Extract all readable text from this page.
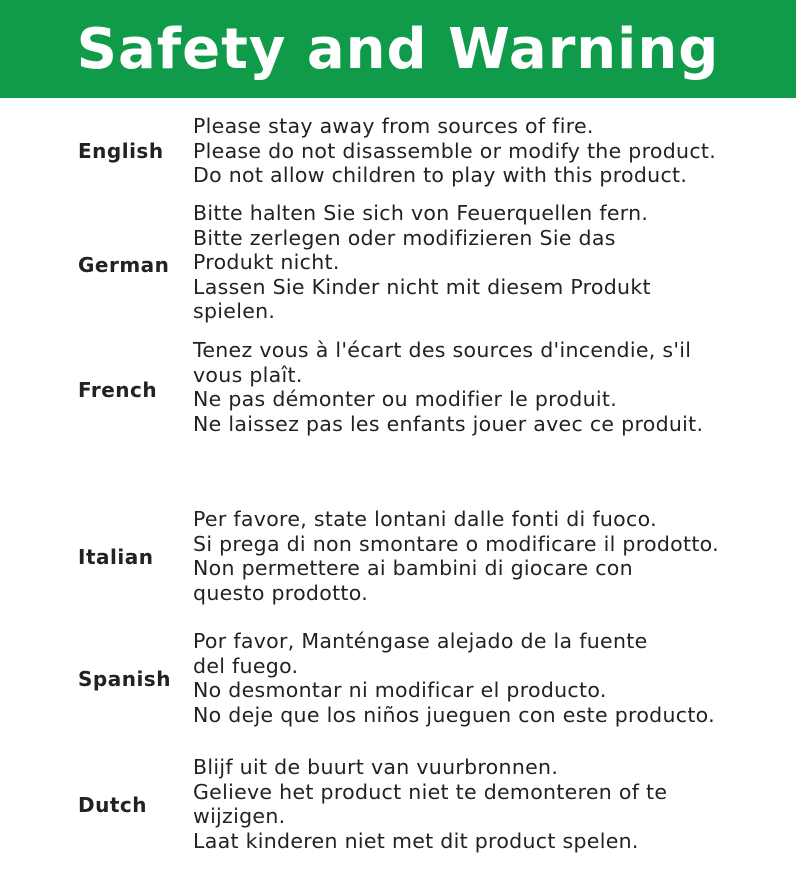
Safety and Warning
English
Please stay away from sources of fire.
Please do not disassemble or modify the product.
Do not allow children to play with this product.
German
Bitte halten Sie sich von Feuerquellen fern.
Bitte zerlegen oder modifizieren Sie das
Produkt nicht.
Lassen Sie Kinder nicht mit diesem Produkt
spielen.
French
Tenez vous à l'écart des sources d'incendie, s'il
vous plaît.
Ne pas démonter ou modifier le produit.
Ne laissez pas les enfants jouer avec ce produit.
Italian
Per favore, state lontani dalle fonti di fuoco.
Si prega di non smontare o modificare il prodotto.
Non permettere ai bambini di giocare con
questo prodotto.
Spanish
Por favor, Manténgase alejado de la fuente
del fuego.
No desmontar ni modificar el producto.
No deje que los niños jueguen con este producto.
Dutch
Blijf uit de buurt van vuurbronnen.
Gelieve het product niet te demonteren of te
wijzigen.
Laat kinderen niet met dit product spelen.
